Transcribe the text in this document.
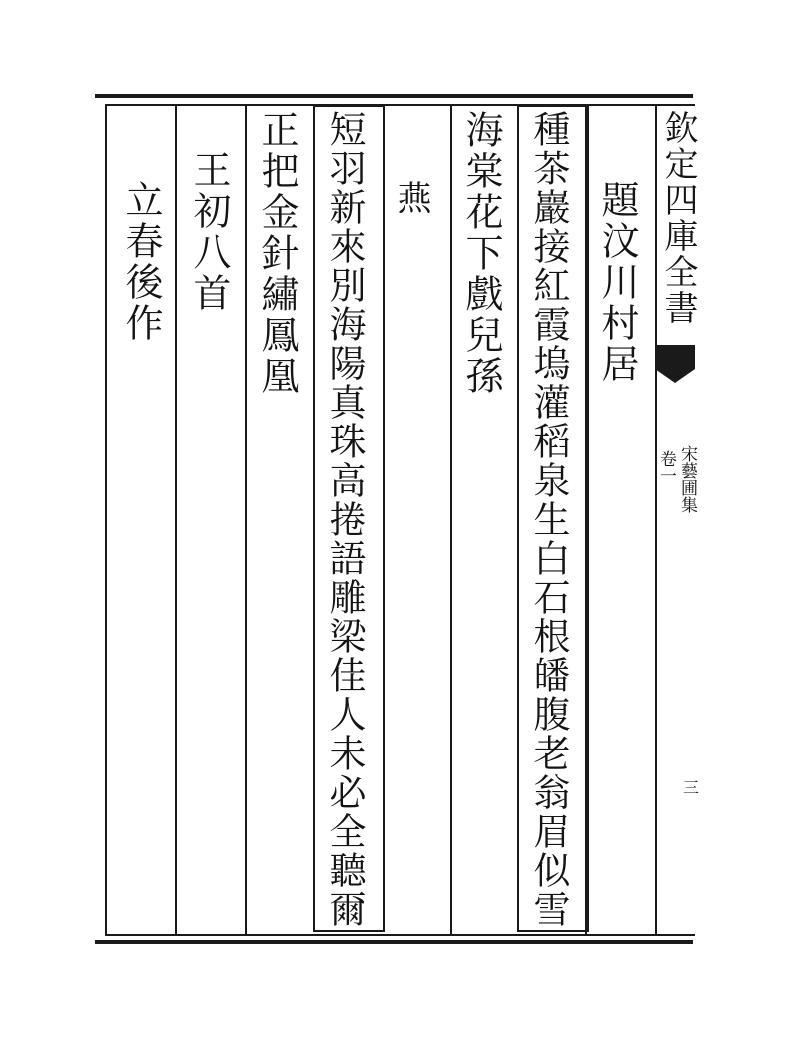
欽定四庫全書
宋藝圃集
卷一
三
題汶川村居
種茶巖接紅霞塢灌稻泉生白石根皤腹老翁眉似雪
海棠花下戲兒孫
燕
短羽新來別海陽真珠高捲語雕梁佳人未必全聽爾
正把金針繡鳳凰
王初八首
立春後作
